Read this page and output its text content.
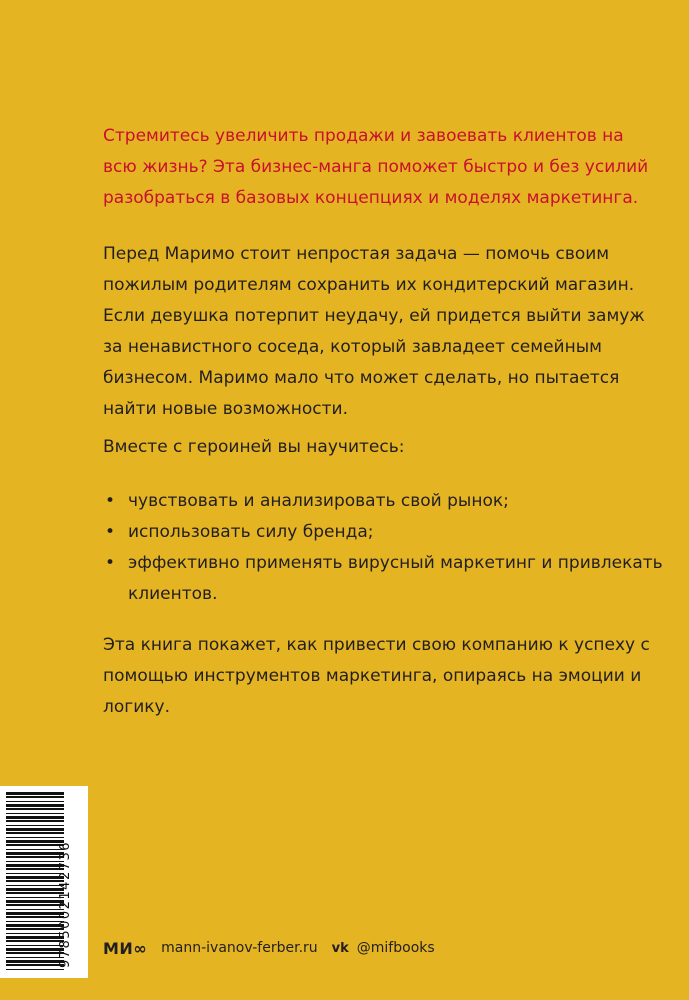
Стремитесь увеличить продажи и завоевать клиентов на всю жизнь? Эта бизнес-манга поможет быстро и без усилий разобраться в базовых концепциях и моделях маркетинга.
Перед Маримо стоит непростая задача — помочь своим пожилым родителям сохранить их кондитерский магазин. Если девушка потерпит неудачу, ей придется выйти замуж за ненавистного соседа, который завладеет семейным бизнесом. Маримо мало что может сделать, но пытается найти новые возможности.
Вместе с героиней вы научитесь:
• чувствовать и анализировать свой рынок;
• использовать силу бренда;
• эффективно применять вирусный маркетинг и привлекать клиентов.
Эта книга покажет, как привести свою компанию к успеху с помощью инструментов маркетинга, опираясь на эмоции и логику.
9785002142736 МИ∞ mann-ivanov-ferber.ru vk @mifbooks
